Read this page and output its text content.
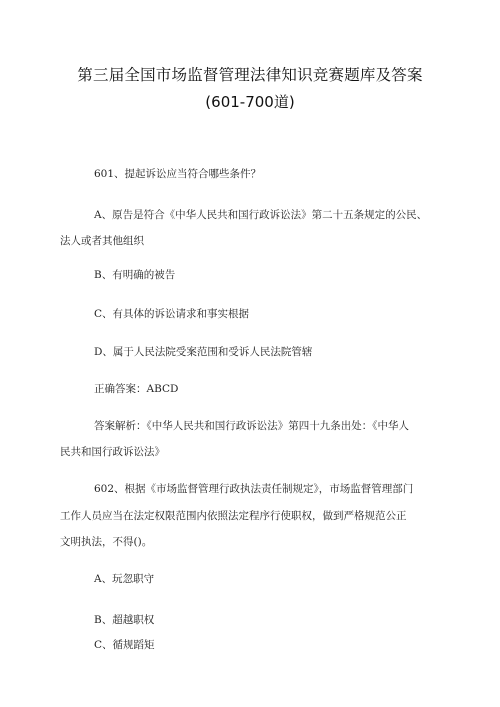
第三届全国市场监督管理法律知识竞赛题库及答案
(601-700道)
601、提起诉讼应当符合哪些条件？
A、原告是符合《中华人民共和国行政诉讼法》第二十五条规定的公民、
法人或者其他组织
B、有明确的被告
C、有具体的诉讼请求和事实根据
D、属于人民法院受案范围和受诉人民法院管辖
正确答案：ABCD
答案解析：《中华人民共和国行政诉讼法》第四十九条出处：《中华人
民共和国行政诉讼法》
602、根据《市场监督管理行政执法责任制规定》，市场监督管理部门
工作人员应当在法定权限范围内依照法定程序行使职权，做到严格规范公正
文明执法，不得()。
A、玩忽职守
B、超越职权
C、循规蹈矩
